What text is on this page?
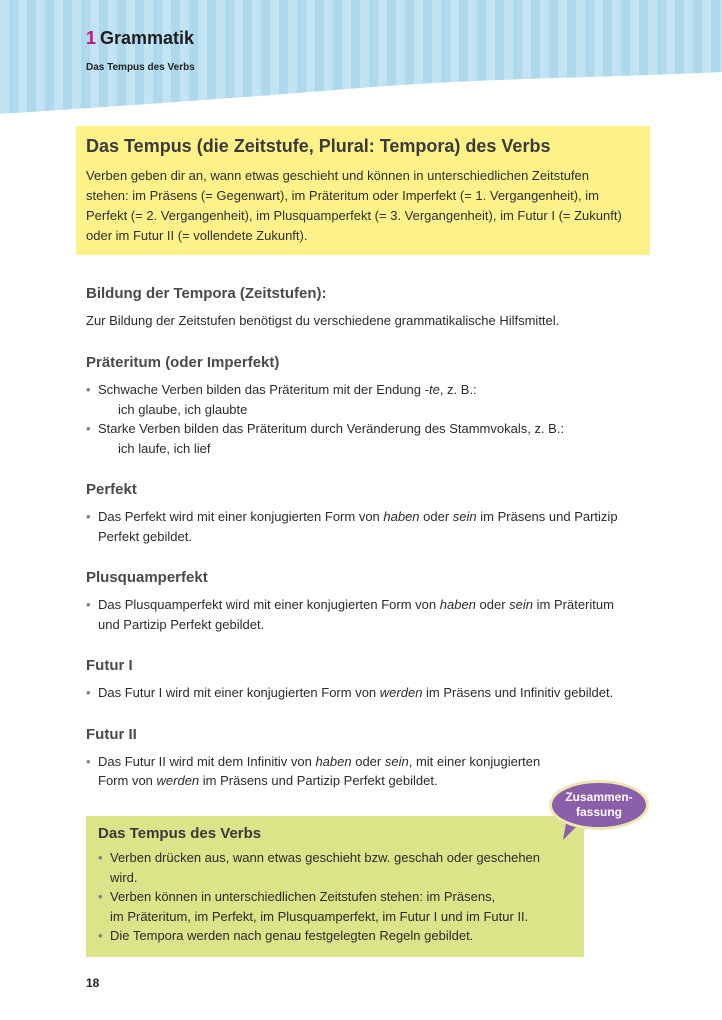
1 Grammatik
Das Tempus des Verbs
Das Tempus (die Zeitstufe, Plural: Tempora) des Verbs

Verben geben dir an, wann etwas geschieht und können in unterschiedlichen Zeitstufen
stehen: im Präsens (= Gegenwart), im Präteritum oder Imperfekt (= 1. Vergangenheit), im
Perfekt (= 2. Vergangenheit), im Plusquamperfekt (= 3. Vergangenheit), im Futur I (= Zukunft)
oder im Futur II (= vollendete Zukunft).

Bildung der Tempora (Zeitstufen):

Zur Bildung der Zeitstufen benötigst du verschiedene grammatikalische Hilfsmittel.

Präteritum (oder Imperfekt)
• Schwache Verben bilden das Präteritum mit der Endung -te, z. B.:
ich glaube, ich glaubte
• Starke Verben bilden das Präteritum durch Veränderung des Stammvokals, z. B.:
ich laufe, ich lief
Perfekt
• Das Perfekt wird mit einer konjugierten Form von haben oder sein im Präsens und Partizip
Perfekt gebildet.
Plusquamperfekt
• Das Plusquamperfekt wird mit einer konjugierten Form von haben oder sein im Präteritum
und Partizip Perfekt gebildet.
Futur I
• Das Futur I wird mit einer konjugierten Form von werden im Präsens und Infinitiv gebildet.
Futur II
• Das Futur II wird mit dem Infinitiv von haben oder sein, mit einer konjugierten
Form von werden im Präsens und Partizip Perfekt gebildet.
Das Tempus des Verbs
• Verben drücken aus, wann etwas geschieht bzw. geschah oder geschehen
wird.
• Verben können in unterschiedlichen Zeitstufen stehen: im Präsens,
im Präteritum, im Perfekt, im Plusquamperfekt, im Futur I und im Futur II.
• Die Tempora werden nach genau festgelegten Regeln gebildet.
Zusammen-
fassung
18
